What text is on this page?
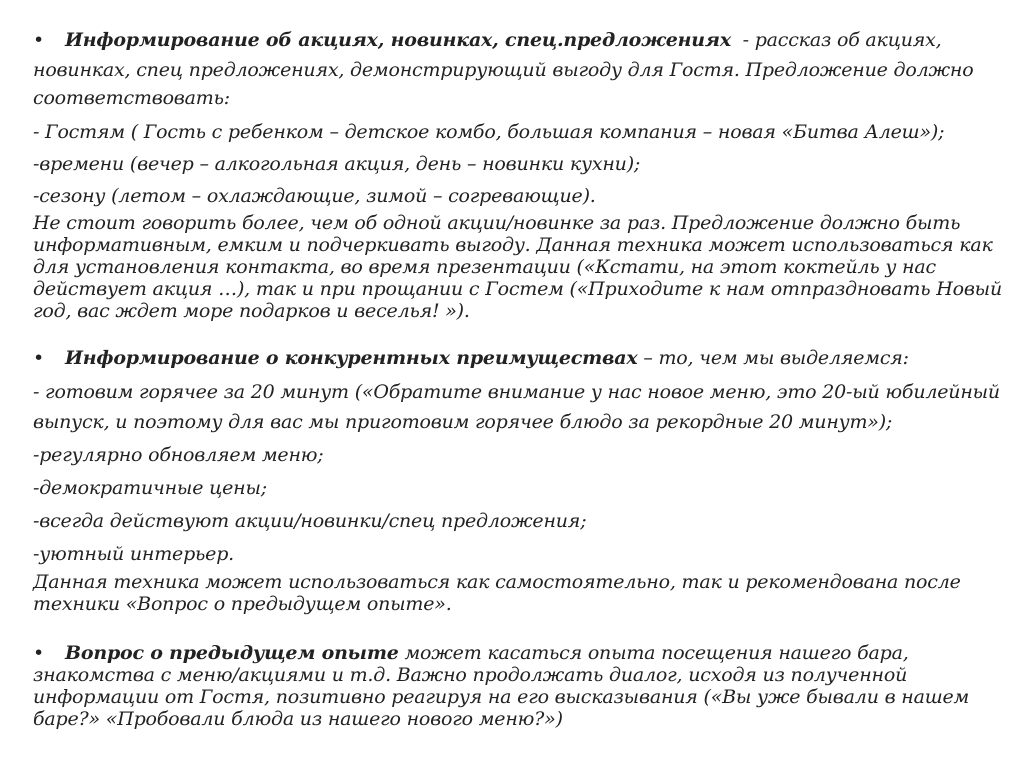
• Информирование об акциях, новинках, спец.предложениях - рассказ об акциях,
новинках, спец предложениях, демонстрирующий выгоду для Гостя. Предложение должно
соответствовать:
- Гостям ( Гость с ребенком – детское комбо, большая компания – новая «Битва Алеш»);
-времени (вечер – алкогольная акция, день – новинки кухни);
-сезону (летом – охлаждающие, зимой – согревающие).
Не стоит говорить более, чем об одной акции/новинке за раз. Предложение должно быть
информативным, емким и подчеркивать выгоду. Данная техника может использоваться как
для установления контакта, во время презентации («Кстати, на этот коктейль у нас
действует акция …), так и при прощании с Гостем («Приходите к нам отпраздновать Новый
год, вас ждет море подарков и веселья! »).
• Информирование о конкурентных преимуществах – то, чем мы выделяемся:
- готовим горячее за 20 минут («Обратите внимание у нас новое меню, это 20-ый юбилейный
выпуск, и поэтому для вас мы приготовим горячее блюдо за рекордные 20 минут»);
-регулярно обновляем меню;
-демократичные цены;
-всегда действуют акции/новинки/спец предложения;
-уютный интерьер.
Данная техника может использоваться как самостоятельно, так и рекомендована после
техники «Вопрос о предыдущем опыте».
• Вопрос о предыдущем опыте может касаться опыта посещения нашего бара,
знакомства с меню/акциями и т.д. Важно продолжать диалог, исходя из полученной
информации от Гостя, позитивно реагируя на его высказывания («Вы уже бывали в нашем
баре?» «Пробовали блюда из нашего нового меню?»)
